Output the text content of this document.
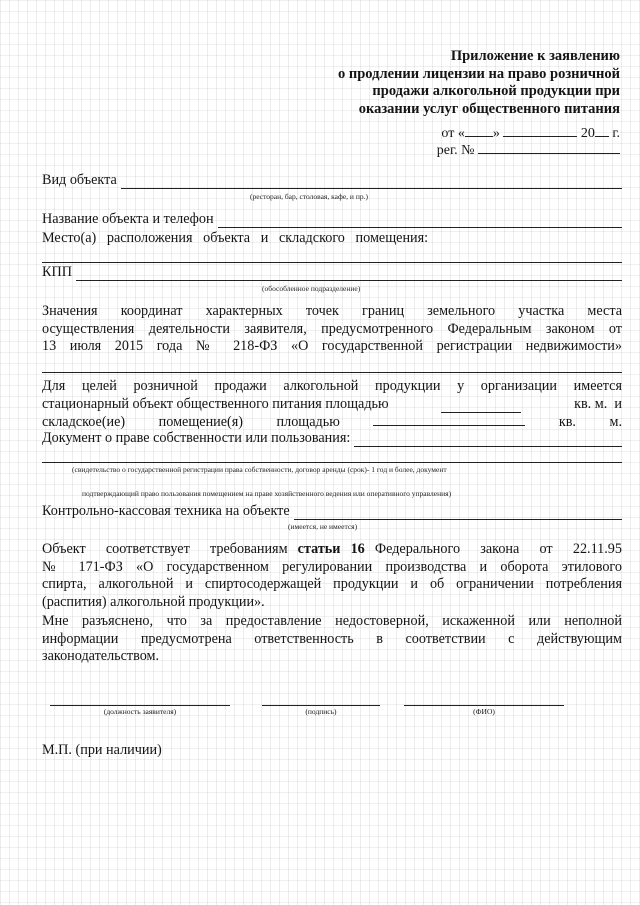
Приложение к заявлению
о продлении лицензии на право розничной
продажи алкогольной продукции при
оказании услуг общественного питания
от « »	20 г.
рег. №
Вид объекта
(ресторан, бар, столовая, кафе, и пр.)
Название объекта и телефон
Место(а)   расположения   объекта   и   складского   помещения:
КПП
(обособленное подразделение)
Значения координат характерных точек границ земельного участка места
осуществления деятельности заявителя, предусмотренного Федеральным законом от
13 июля 2015 года № 218-ФЗ «О государственной регистрации недвижимости»
Для целей розничной продажи алкогольной продукции у организации имеется
стационарный объект общественного питания площадью	кв. м.  и
складское(ие) помещение(я) площадью	кв. м.
Документ о праве собственности или пользования:
(свидетельство о государственной регистрации права собственности, договор аренды (срок)- 1 год и более, документ
подтверждающий право пользования помещением на праве хозяйственного ведения или оперативного управления)
Контрольно-кассовая техника на объекте
(имеется, не имеется)
Объект  соответствует  требованиям статьи 16 Федерального  закона  от  22.11.95
№ 171-ФЗ «О государственном регулировании производства и оборота этилового
спирта, алкогольной и спиртосодержащей продукции и об ограничении потребления
(распития) алкогольной продукции».
Мне разъяснено, что за предоставление недостоверной, искаженной или неполной
информации предусмотрена ответственность в соответствии с действующим
законодательством.
(должность заявителя)	(подпись)	(ФИО)
М.П. (при наличии)
